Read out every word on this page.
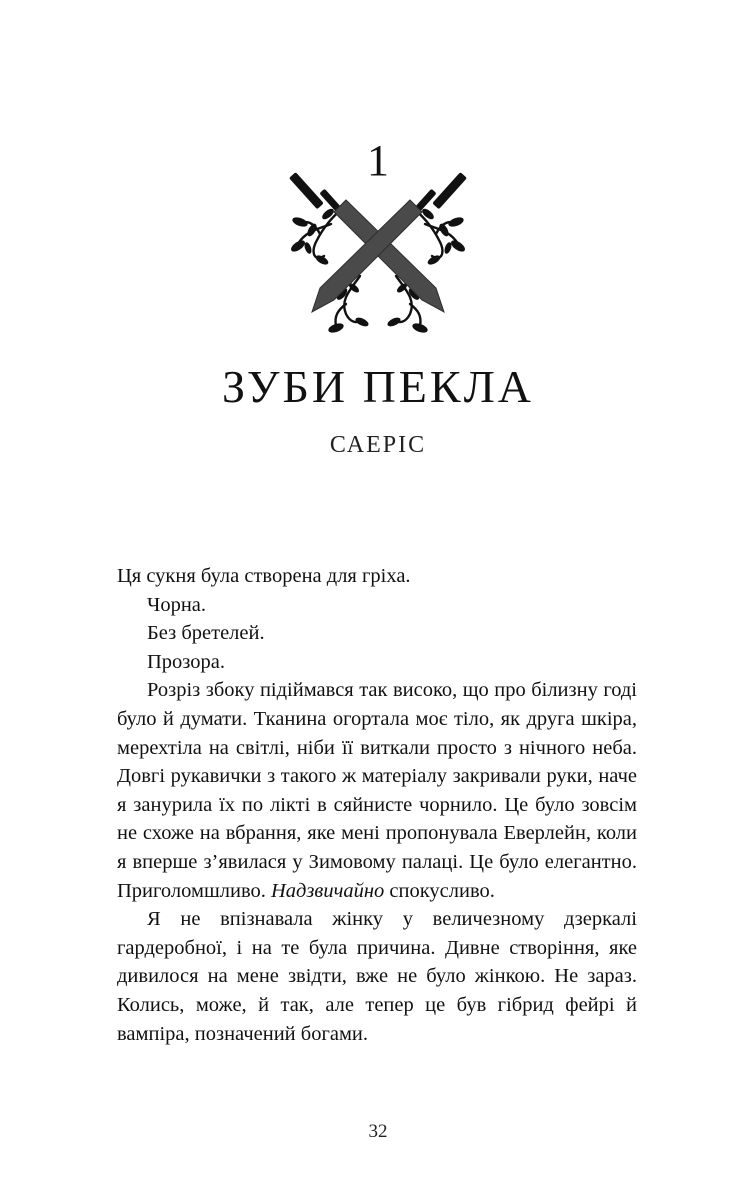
1
ЗУБИ ПЕКЛА
САЕРІС

Ця сукня була створена для гріха.

Чорна.

Без бретелей.

Прозора.

Розріз збоку підіймався так високо, що про білизну годі було й думати. Тканина огортала моє тіло, як друга шкіра, мерехтіла на світлі, ніби її виткали просто з нічного неба. Довгі рукавички з такого ж матеріалу закривали руки, наче я занурила їх по лікті в сяйнисте чорнило. Це було зовсім не схоже на вбрання, яке мені пропонувала Еверлейн, коли я вперше з’явилася у Зимовому палаці. Це було елегантно. Приголомшливо. Надзвичайно спокусливо.

Я не впізнавала жінку у величезному дзеркалі гардеробної, і на те була причина. Дивне створіння, яке дивилося на мене звідти, вже не було жінкою. Не зараз. Колись, може, й так, але тепер це був гібрид фейрі й вампіра, позначений богами.

32
